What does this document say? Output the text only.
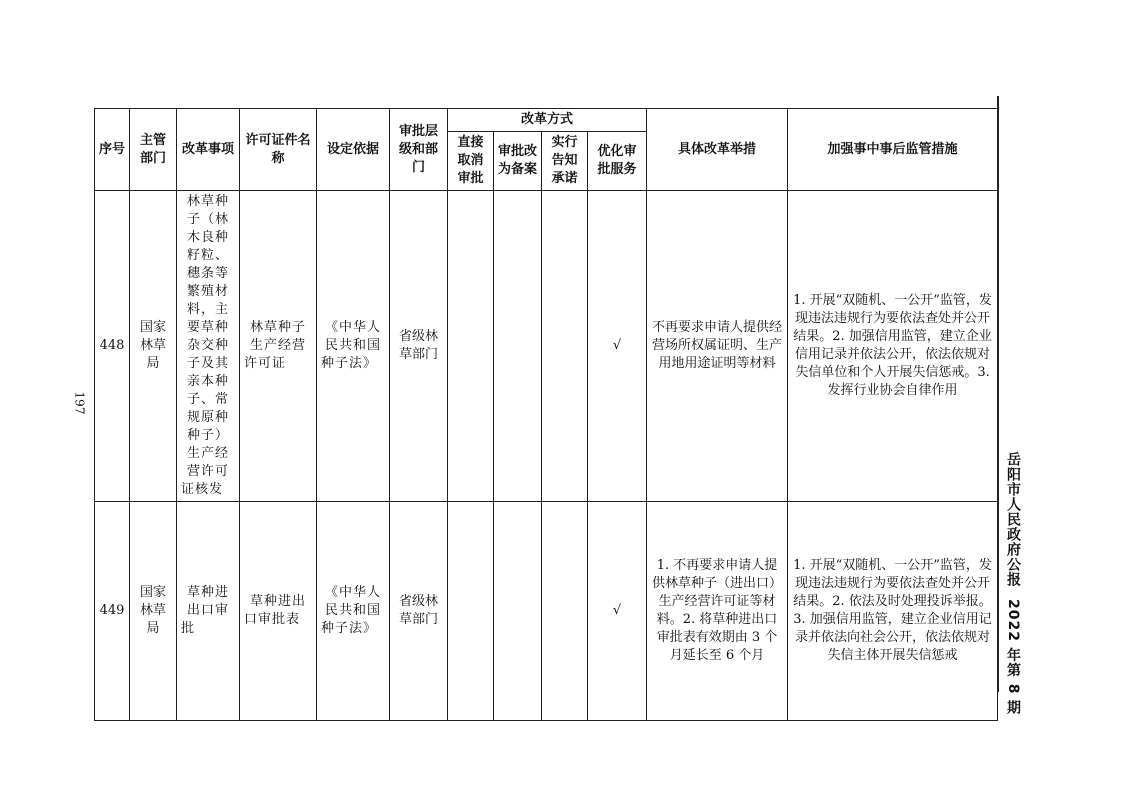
197
岳阳市人民政府公报2022 年第 8 期
序号	主管部门	改革事项	许可证件名称	设定依据	审批层级和部门	改革方式				具体改革举措	加强事中事后监管措施
						直接取消审批	审批改为备案	实行告知承诺	优化审批服务		
448	国家林草局	林草种子（林木良种籽粒、穗条等繁殖材料，主要草种杂交种子及其亲本种子、常规原种种子）生产经营许可证核发	林草种子生产经营许可证	《中华人民共和国种子法》	省级林草部门				√	不再要求申请人提供经营场所权属证明、生产用地用途证明等材料	1. 开展“双随机、一公开”监管，发现违法违规行为要依法查处并公开结果。2. 加强信用监管，建立企业信用记录并依法公开，依法依规对失信单位和个人开展失信惩戒。3. 发挥行业协会自律作用
449	国家林草局	草种进出口审批	草种进出口审批表	《中华人民共和国种子法》	省级林草部门				√	1. 不再要求申请人提供林草种子（进出口）生产经营许可证等材料。2. 将草种进出口审批表有效期由 3 个月延长至 6 个月	1. 开展“双随机、一公开”监管，发现违法违规行为要依法查处并公开结果。2. 依法及时处理投诉举报。3. 加强信用监管，建立企业信用记录并依法向社会公开，依法依规对失信主体开展失信惩戒
